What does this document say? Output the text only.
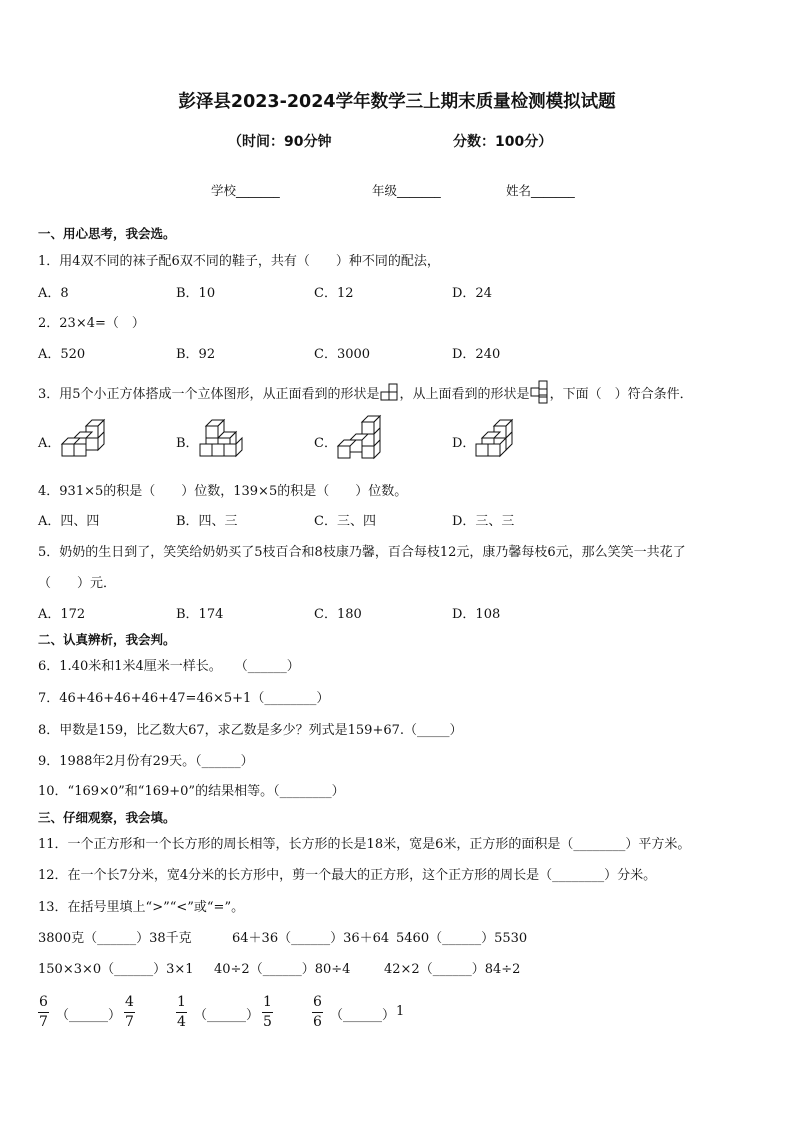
彭泽县2023-2024学年数学三上期末质量检测模拟试题
（时间：90分钟	分数：100分）
学校_______	年级_______	姓名_______
一、用心思考，我会选。
1．用4双不同的袜子配6双不同的鞋子，共有（　　）种不同的配法，
A．8	B．10	C．12	D．24
2．23×4=（　）
A．520	B．92	C．3000	D．240
3．用5个小正方体搭成一个立体图形，从正面看到的形状是 ，从上面看到的形状是 ，下面（　）符合条件．
A．	B．	C．	D．
4．931×5的积是（　　）位数，139×5的积是（　　）位数。
A．四、四	B．四、三	C．三、四	D．三、三
5．奶奶的生日到了，笑笑给奶奶买了5枝百合和8枝康乃馨，百合每枝12元，康乃馨每枝6元，那么笑笑一共花了
（　　）元．
A．172	B．174	C．180	D．108
二、认真辨析，我会判。
6．1.40米和1米4厘米一样长。　　（______）
7．46+46+46+46+47=46×5+1（________）
8．甲数是159，比乙数大67，求乙数是多少？列式是159+67.（_____）
9．1988年2月份有29天。（______）
10．“169×0”和“169+0”的结果相等。（________）
三、仔细观察，我会填。
11．一个正方形和一个长方形的周长相等，长方形的长是18米，宽是6米，正方形的面积是（________）平方米。
12．在一个长7分米，宽4分米的长方形中，剪一个最大的正方形，这个正方形的周长是（________）分米。
13．在括号里填上“>”“<”或“=”。
3800克（______）38千克	64＋36（______）36＋64 5460（______）5530
150×3×0（______）3×1 40÷2（______）80÷4	42×2（______）84÷2
6
7 （______）
4
7
1
4 （______）
1
5
6
6 （______） 1
